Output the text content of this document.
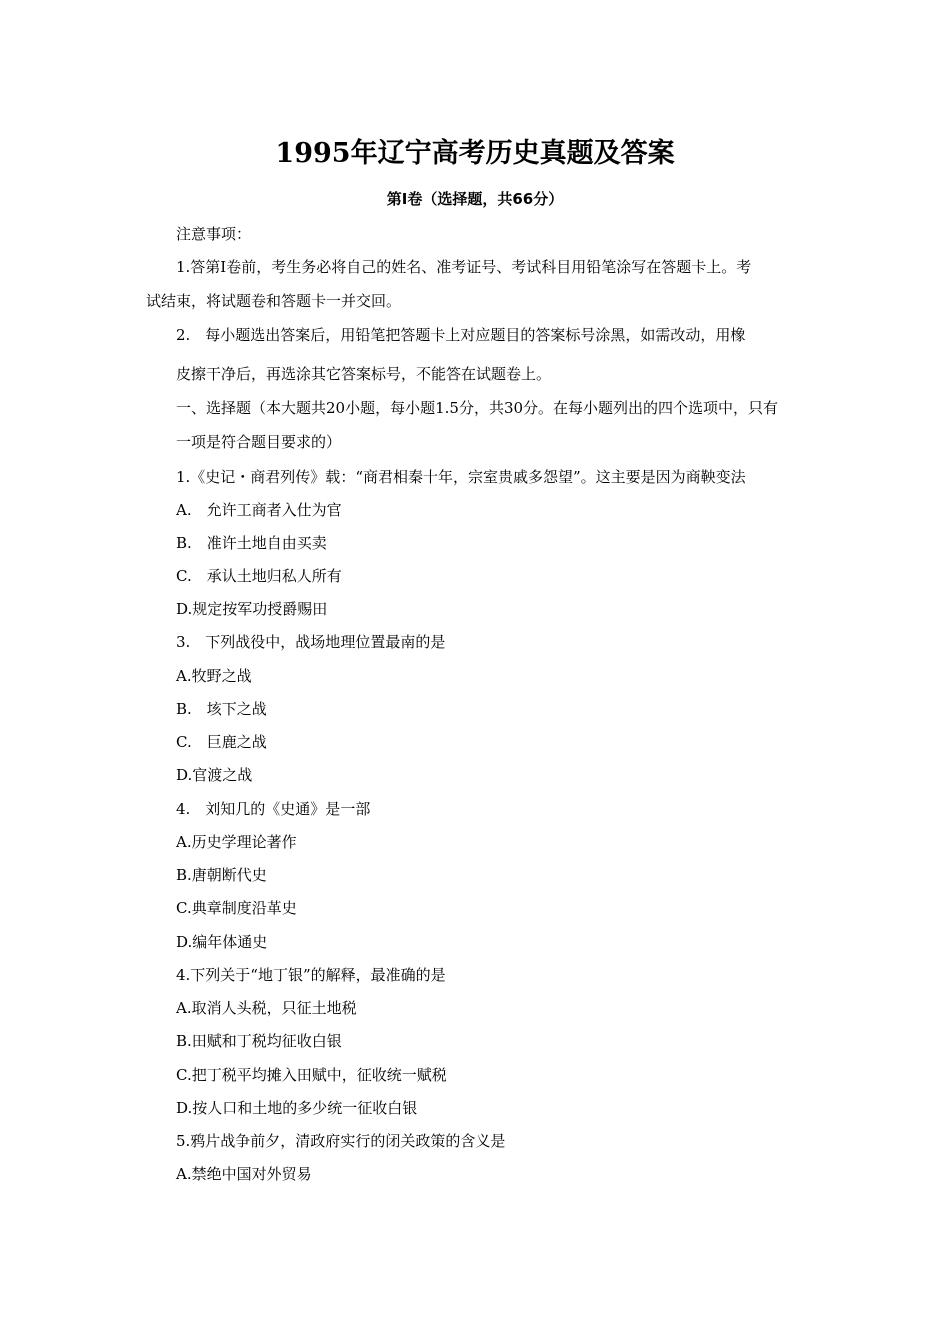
1995年辽宁高考历史真题及答案
第Ⅰ卷（选择题，共66分）
注意事项：
1.答第Ⅰ卷前，考生务必将自己的姓名、准考证号、考试科目用铅笔涂写在答题卡上。考
试结束，将试题卷和答题卡一并交回。
2.　每小题选出答案后，用铅笔把答题卡上对应题目的答案标号涂黑，如需改动，用橡
皮擦干净后，再选涂其它答案标号，不能答在试题卷上。
一、选择题（本大题共20小题，每小题1.5分，共30分。在每小题列出的四个选项中，只有
一项是符合题目要求的）
1.《史记・商君列传》载：“商君相秦十年，宗室贵戚多怨望”。这主要是因为商鞅变法
A.　允许工商者入仕为官
B.　准许土地自由买卖
C.　承认土地归私人所有
D.规定按军功授爵赐田
3.　下列战役中，战场地理位置最南的是
A.牧野之战
B.　垓下之战
C.　巨鹿之战
D.官渡之战
4.　刘知几的《史通》是一部
A.历史学理论著作
B.唐朝断代史
C.典章制度沿革史
D.编年体通史
4.下列关于“地丁银”的解释，最准确的是
A.取消人头税，只征土地税
B.田赋和丁税均征收白银
C.把丁税平均摊入田赋中，征收统一赋税
D.按人口和土地的多少统一征收白银
5.鸦片战争前夕，清政府实行的闭关政策的含义是
A.禁绝中国对外贸易
